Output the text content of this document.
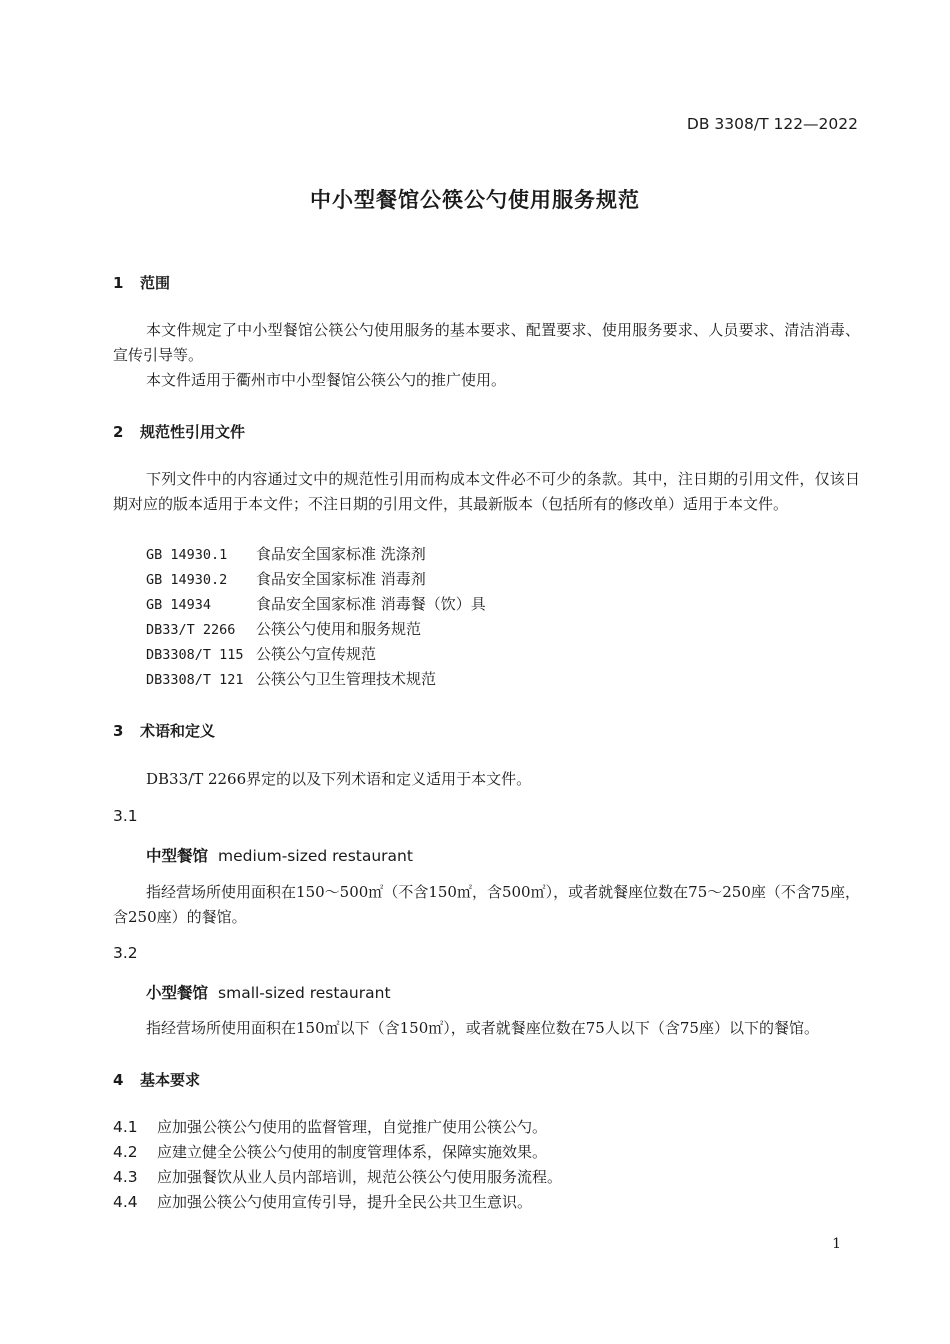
DB 3308/T 122—2022
中小型餐馆公筷公勺使用服务规范
1 范围
本文件规定了中小型餐馆公筷公勺使用服务的基本要求、配置要求、使用服务要求、人员要求、清洁消毒、宣传引导等。
本文件适用于衢州市中小型餐馆公筷公勺的推广使用。
2 规范性引用文件
下列文件中的内容通过文中的规范性引用而构成本文件必不可少的条款。其中，注日期的引用文件，仅该日期对应的版本适用于本文件；不注日期的引用文件，其最新版本（包括所有的修改单）适用于本文件。
GB 14930.1 食品安全国家标准 洗涤剂
GB 14930.2 食品安全国家标准 消毒剂
GB 14934	食品安全国家标准 消毒餐（饮）具
DB33/T 2266 公筷公勺使用和服务规范
DB3308/T 115 公筷公勺宣传规范
DB3308/T 121 公筷公勺卫生管理技术规范
3 术语和定义
DB33/T 2266界定的以及下列术语和定义适用于本文件。
3.1
中型餐馆 medium-sized restaurant
指经营场所使用面积在150～500㎡（不含150㎡，含500㎡），或者就餐座位数在75～250座（不含75座，含250座）的餐馆。
3.2
小型餐馆 small-sized restaurant
指经营场所使用面积在150㎡以下（含150㎡），或者就餐座位数在75人以下（含75座）以下的餐馆。
4 基本要求
4.1 应加强公筷公勺使用的监督管理，自觉推广使用公筷公勺。
4.2 应建立健全公筷公勺使用的制度管理体系，保障实施效果。
4.3 应加强餐饮从业人员内部培训，规范公筷公勺使用服务流程。
4.4 应加强公筷公勺使用宣传引导，提升全民公共卫生意识。
1
